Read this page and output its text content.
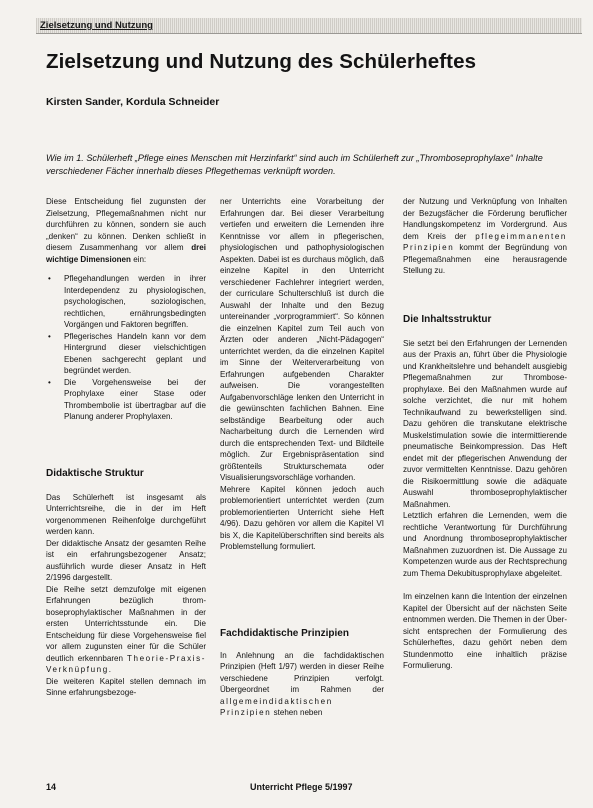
Zielsetzung und Nutzung
Zielsetzung und Nutzung des Schülerheftes
Kirsten Sander, Kordula Schneider
Wie im 1. Schülerheft „Pflege eines Menschen mit Herzinfarkt“ sind auch im Schülerheft zur „Thromboseprophylaxe“ Inhalte verschiedener Fächer innerhalb dieses Pflegethemas verknüpft worden.

Diese Entscheidung fiel zugunsten der Zielsetzung, Pflegemaßnahmen nicht nur durchführen zu können, sondern sie auch „denken“ zu können. Denken schließt in diesem Zusammenhang vor allem drei wichtige Dimensionen ein:

• Pflegehandlungen werden in ihrer Interdependenz zu physiologischen, psychologischen, soziologischen, rechtlichen, ernährungsbedingten Vorgängen und Faktoren begriffen.
• Pflegerisches Handeln kann vor dem Hintergrund dieser vielschichtigen Ebenen sachgerecht geplant und begründet werden.
• Die Vorgehensweise bei der Prophylaxe einer Stase oder Thrombembolie ist übertragbar auf die Planung anderer Prophylaxen.

Didaktische Struktur

Das Schülerheft ist insgesamt als Unterrichtsreihe, die in der im Heft vorgenommenen Reihenfolge durchgeführt werden kann.

Der didaktische Ansatz der gesamten Reihe ist ein erfahrungsbezogener Ansatz; ausführlich wurde dieser Ansatz in Heft 2/1996 dargestellt.

Die Reihe setzt demzufolge mit eigenen Erfahrungen bezüglich thromboseprophylaktischer Maßnahmen in der ersten Unterrichtsstunde ein. Die Entscheidung für diese Vorgehensweise fiel vor allem zugunsten einer für die Schüler deutlich erkennbaren Theorie-Praxis-Verknüpfung.

Die weiteren Kapitel stellen demnach im Sinne erfahrungsbezoge-

ner Unterrichts eine Vorarbeitung der Erfahrungen dar. Bei dieser Verarbeitung vertiefen und erweitern die Lernenden ihre Kenntnisse vor allem in pflegerischen, physiologischen und pathophysiologischen Aspekten. Dabei ist es durchaus möglich, daß einzelne Kapitel in den Unterricht verschiedener Fachlehrer integriert werden, der curriculare Schulterschluß ist durch die Auswahl der Inhalte und den Bezug untereinander „vorprogrammiert“. So können die einzelnen Kapitel zum Teil auch von Ärzten oder anderen „Nicht-Pädagogen“ unterrichtet werden, da die einzelnen Kapitel im Sinne der Weiterverarbeitung von Erfahrungen aufgebenden Charakter aufweisen. Die vorangestellten Aufgabenvorschläge lenken den Unterricht in die gewünschten fachlichen Bahnen. Eine selbständige Bearbeitung oder auch Nacharbeitung durch die Lernenden wird durch die entsprechenden Text- und Bildteile möglich. Zur Ergebnispräsentation sind größtenteils Strukturschemata oder Visualisierungsvorschläge vorhanden.

Mehrere Kapitel können jedoch auch problemorientiert unterrichtet werden (zum problemorientierten Unterricht siehe Heft 4/96). Dazu gehören vor allem die Kapitel VI bis X, die Kapitelüberschriften sind bereits als Problemstellung formuliert.

Fachdidaktische Prinzipien

In Anlehnung an die fachdidaktischen Prinzipien (Heft 1/97) werden in dieser Reihe verschiedene Prinzipien verfolgt. Übergeordnet im Rahmen der allgemeindidaktischen Prinzipien stehen neben

der Nutzung und Verknüpfung von Inhalten der Bezugsfächer die Förderung beruflicher Handlungskompetenz im Vordergrund. Aus dem Kreis der pflegeimmanenten Prinzipien kommt der Begründung von Pflegemaßnahmen eine herausragende Stellung zu.

Die Inhaltsstruktur

Sie setzt bei den Erfahrungen der Lernenden aus der Praxis an, führt über die Physiologie und Krankheitslehre und behandelt ausgiebig Pflegemaßnahmen zur Thromboseprophylaxe. Bei den Maßnahmen wurde auf solche verzichtet, die nur mit hohem Technikaufwand zu bewerkstelligen sind. Dazu gehören die transkutane elektrische Muskelstimulation sowie die intermittierende pneumatische Beinkompression. Das Heft endet mit der pflegerischen Anwendung der zuvor vermittelten Kenntnisse. Dazu gehören die Risikoermittlung sowie die adäquate Auswahl thromboseprophylaktischer Maßnahmen.

Letztlich erfahren die Lernenden, wem die rechtliche Verantwortung für Durchführung und Anordnung thromboseprophylaktischer Maßnahmen zuzuordnen ist. Die Aussage zu Kompetenzen wurde aus der Rechtsprechung zum Thema Dekubitusprophylaxe abgeleitet.

Im einzelnen kann die Intention der einzelnen Kapitel der Übersicht auf der nächsten Seite entnommen werden. Die Themen in der Übersicht entsprechen der Formulierung des Schülerheftes, dazu gehört neben dem Stundenmotto eine inhaltlich präzise Formulierung.

14	Unterricht Pflege 5/1997
